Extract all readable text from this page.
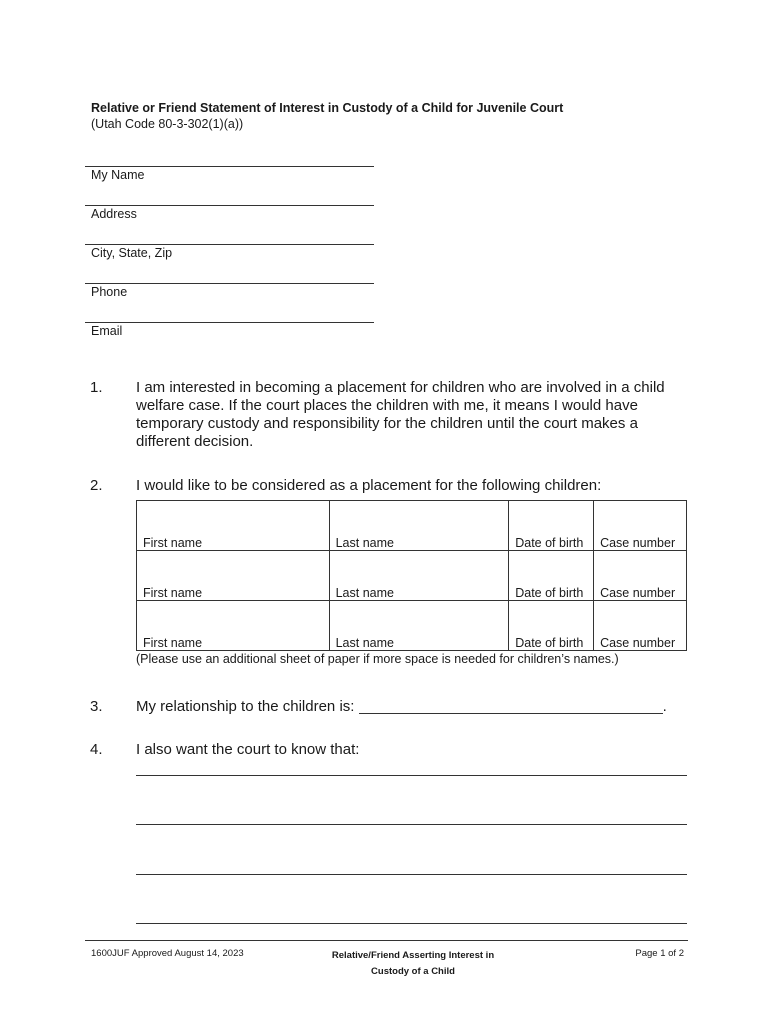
Relative or Friend Statement of Interest in Custody of a Child for Juvenile Court
(Utah Code 80-3-302(1)(a))
My Name
Address
City, State, Zip
Phone
Email
1. I am interested in becoming a placement for children who are involved in a child welfare case. If the court places the children with me, it means I would have temporary custody and responsibility for the children until the court makes a different decision.
2. I would like to be considered as a placement for the following children:

First name	Last name	Date of birth	Case number

First name	Last name	Date of birth	Case number

First name	Last name	Date of birth	Case number
(Please use an additional sheet of paper if more space is needed for children’s names.)
3. My relationship to the children is:	.
4. I also want the court to know that:
1600JUF Approved August 14, 2023	Relative/Friend Asserting Interest in
Custody of a Child
Page 1 of 2
